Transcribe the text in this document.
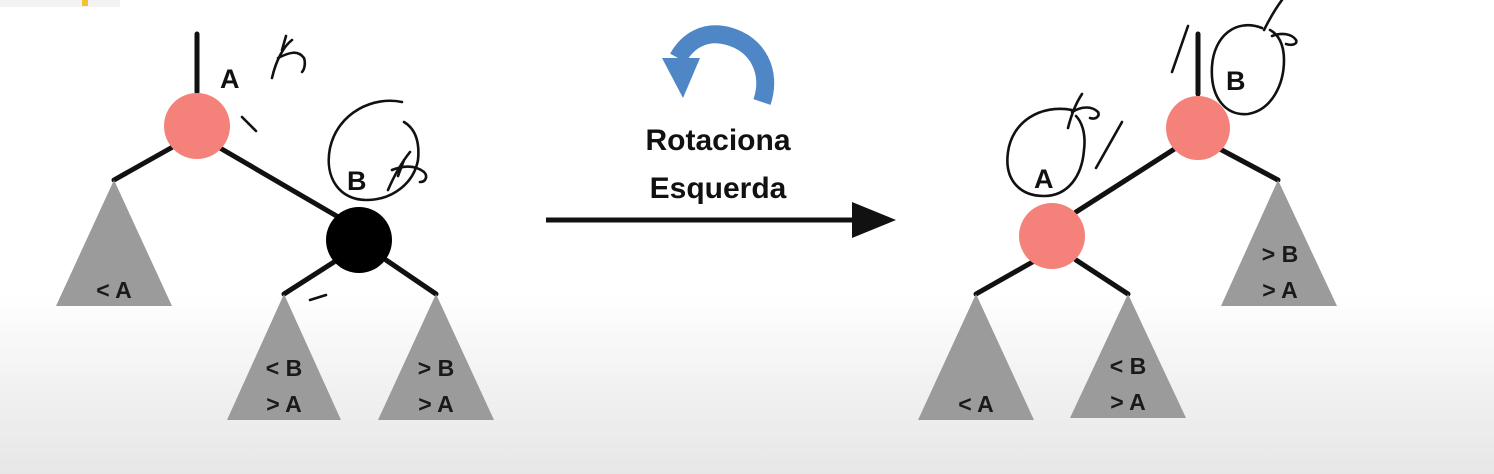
< A
< B
> A
> B
> A
A
B
Rotaciona
Esquerda
> B
> A
< A
< B
> A
B
A
